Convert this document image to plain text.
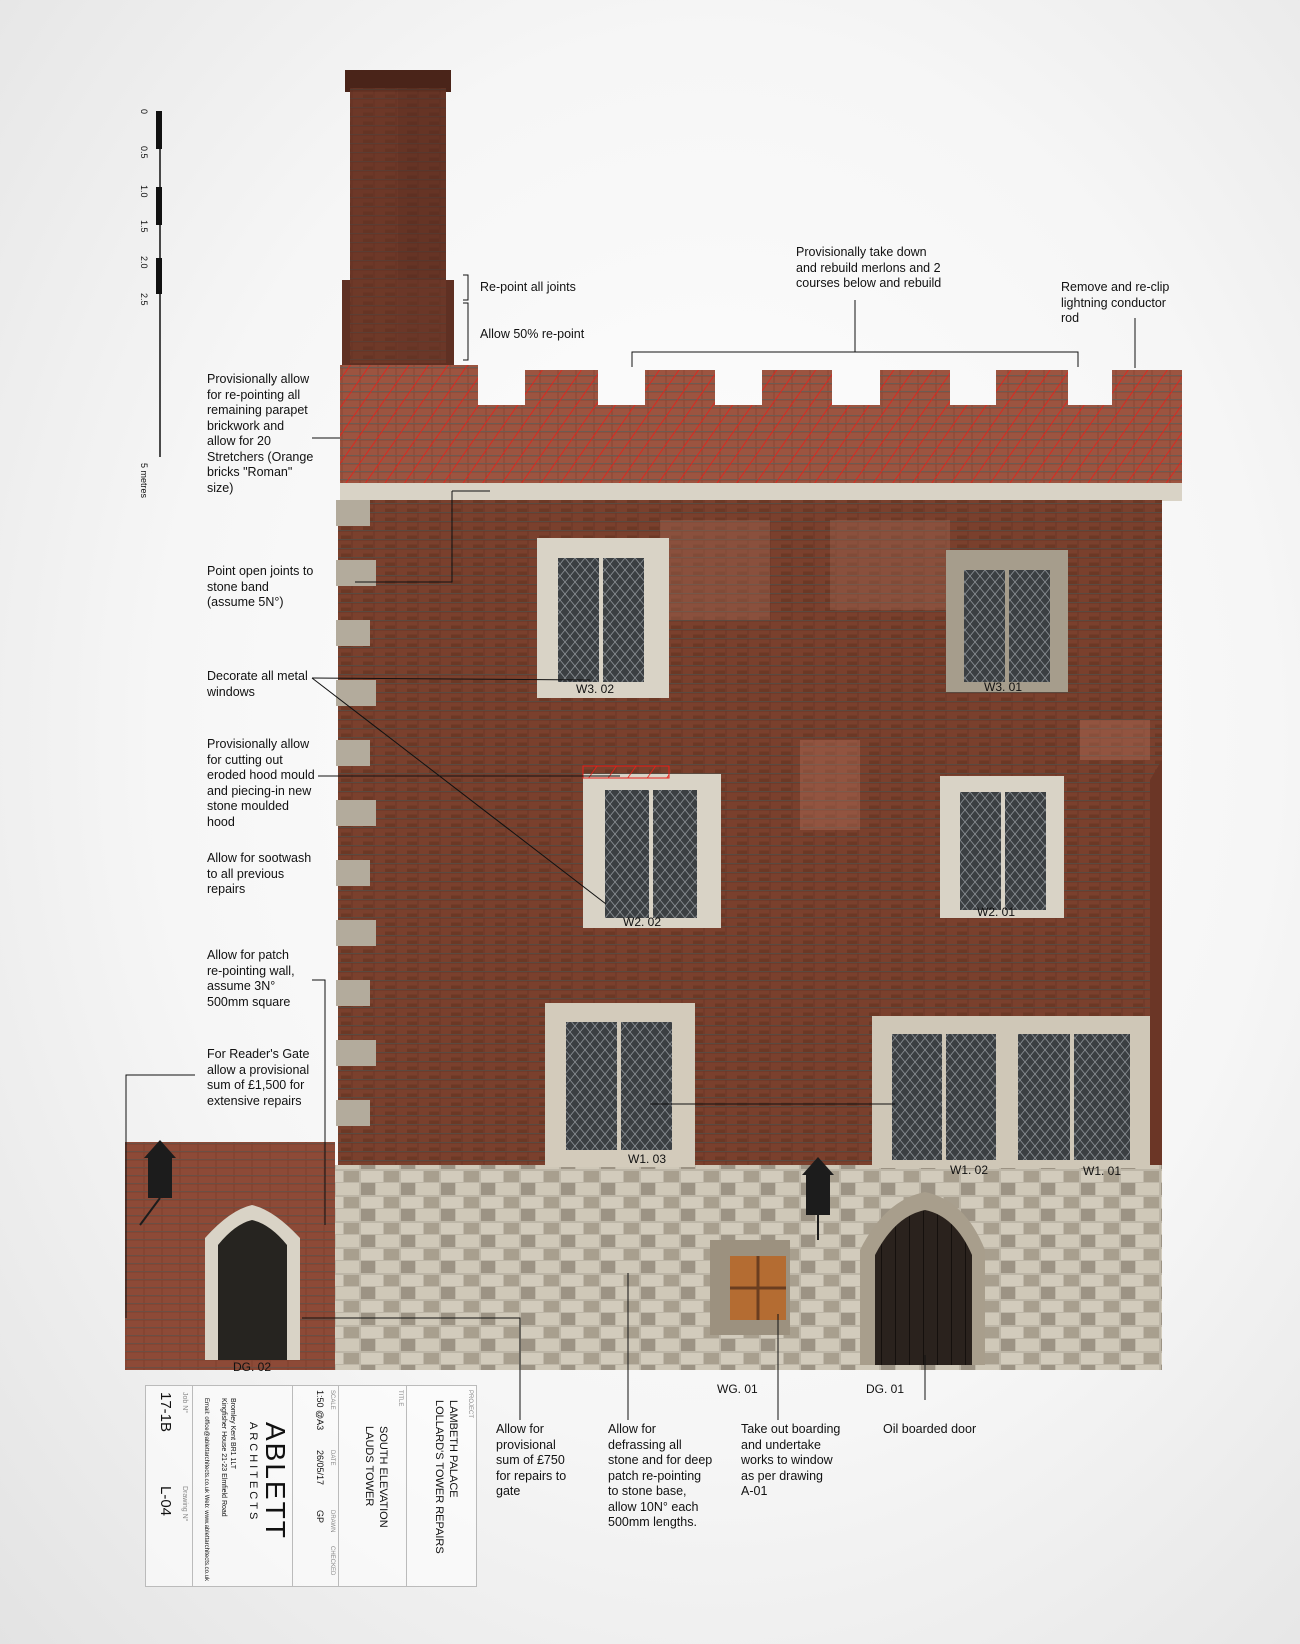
0
0.5
1.0
1.5
2.0
2.5
5 metres
Re-point all joints
Allow 50% re-point
Provisionally take down
and rebuild merlons and 2
courses below and rebuild	Remove and re-clip
lightning conductor
rod
Provisionally allow
for re-pointing all
remaining parapet
brickwork and
allow for 20
Stretchers (Orange
bricks "Roman"
size)
Point open joints to
stone band
(assume 5N°)
Decorate all metal
windows
Provisionally allow
for cutting out
eroded hood mould
and piecing-in new
stone moulded
hood
Allow for sootwash
to all previous
repairs
Allow for patch
re-pointing wall,
assume 3N°
500mm square
For Reader's Gate
allow a provisional
sum of £1,500 for
extensive repairs
Allow for
provisional
sum of £750
for repairs to
gate
Allow for
defrassing all
stone and for deep
patch re-pointing
to stone base,
allow 10N° each
500mm lengths.
Take out boarding
and undertake
works to window
as per drawing
A-01
Oil boarded door
W3. 02	W3. 01
W2. 02
W2. 01
W1. 03
W1. 02	W1. 01
DG. 02
WG. 01	DG. 01
Job N°
17-1B
Drawing N°
L-04	Email: office@ablettarchitects.co.uk Web: www.ablettarchitects.co.uk Kingfisher House 21-23 Elmfield Road Bromley Kent BR1 1LT ARCHITECTS ABLETT
SCALE
1:50 @A3
DATE
26/05/17
DRAWN
GP
CHECKED
TITLE
SOUTH ELEVATION
LAUDS TOWER
PROJECT
LAMBETH PALACE
LOLLARD'S TOWER REPAIRS
